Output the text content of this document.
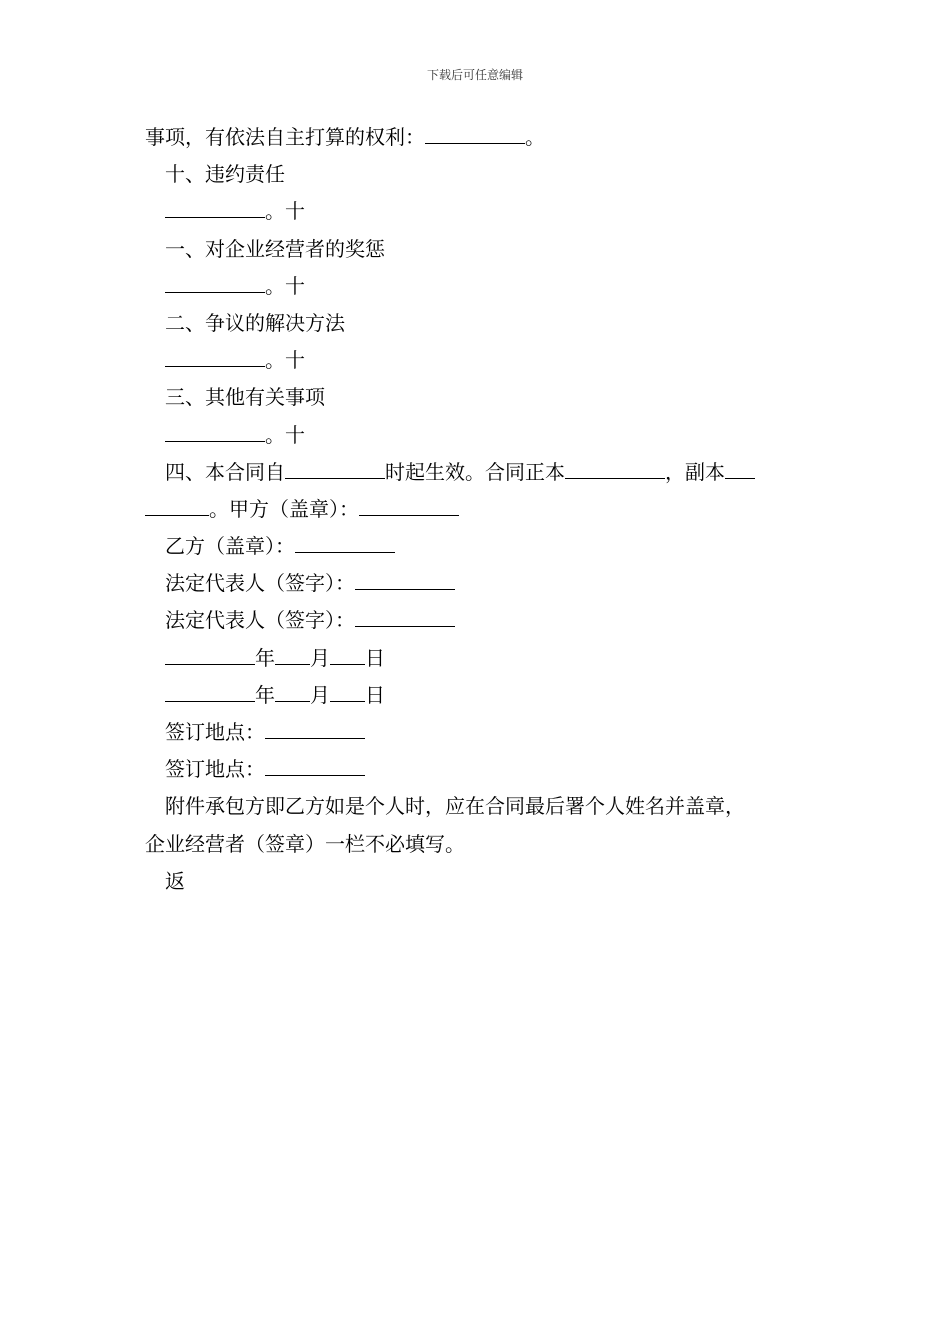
下载后可任意编辑
事项，有依法自主打算的权利：	。
十、违约责任
。十
一、对企业经营者的奖惩
。十
二、争议的解决方法
。十
三、其他有关事项
。十
四、本合同自	时起生效。合同正本	，副本
。甲方（盖章）：
乙方（盖章）：
法定代表人（签字）：
法定代表人（签字）：
年 月 日
年 月 日
签订地点：
签订地点：
附件承包方即乙方如是个人时，应在合同最后署个人姓名并盖章，
企业经营者（签章）一栏不必填写。
返
